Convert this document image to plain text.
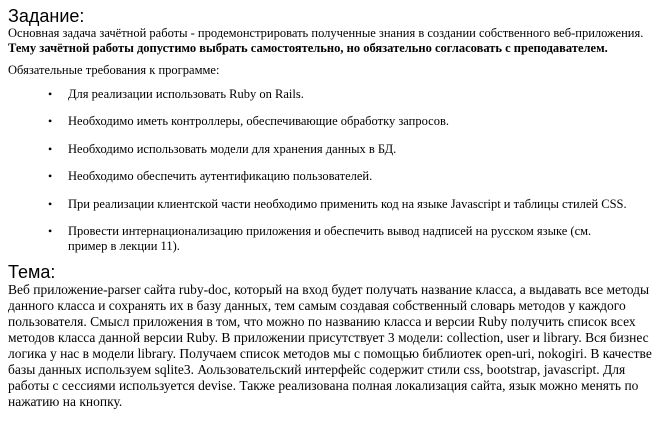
Задание:

Основная задача зачётной работы - продемонстрировать полученные знания в создании собственного веб-приложения. Тему зачётной работы допустимо выбрать самостоятельно, но обязательно согласовать с преподавателем.

Обязательные требования к программе:

• Для реализации использовать Ruby on Rails.
• Необходимо иметь контроллеры, обеспечивающие обработку запросов.
• Необходимо использовать модели для хранения данных в БД.
• Необходимо обеспечить аутентификацию пользователей.
• При реализации клиентской части необходимо применить код на языке Javascript и таблицы стилей CSS.
• Провести интернационализацию приложения и обеспечить вывод надписей на русском языке (см. пример в лекции 11).
Тема:

Веб приложение-parser сайта ruby-doc, который на вход будет получать название класса, а выдавать все методы данного класса и сохранять их в базу данных, тем самым создавая собственный словарь методов у каждого пользователя. Смысл приложения в том, что можно по названию класса и версии Ruby получить список всех методов класса данной версии Ruby. В приложении присутствует 3 модели: collection, user и library. Вся бизнес логика у нас в модели library. Получаем список методов мы с помощью библиотек open-uri, nokogiri. В качестве базы данных используем sqlite3. Аользовательский интерфейс содержит стили css, bootstrap, javascript. Для работы с сессиями используется devise. Также реализована полная локализация сайта, язык можно менять по нажатию на кнопку.
